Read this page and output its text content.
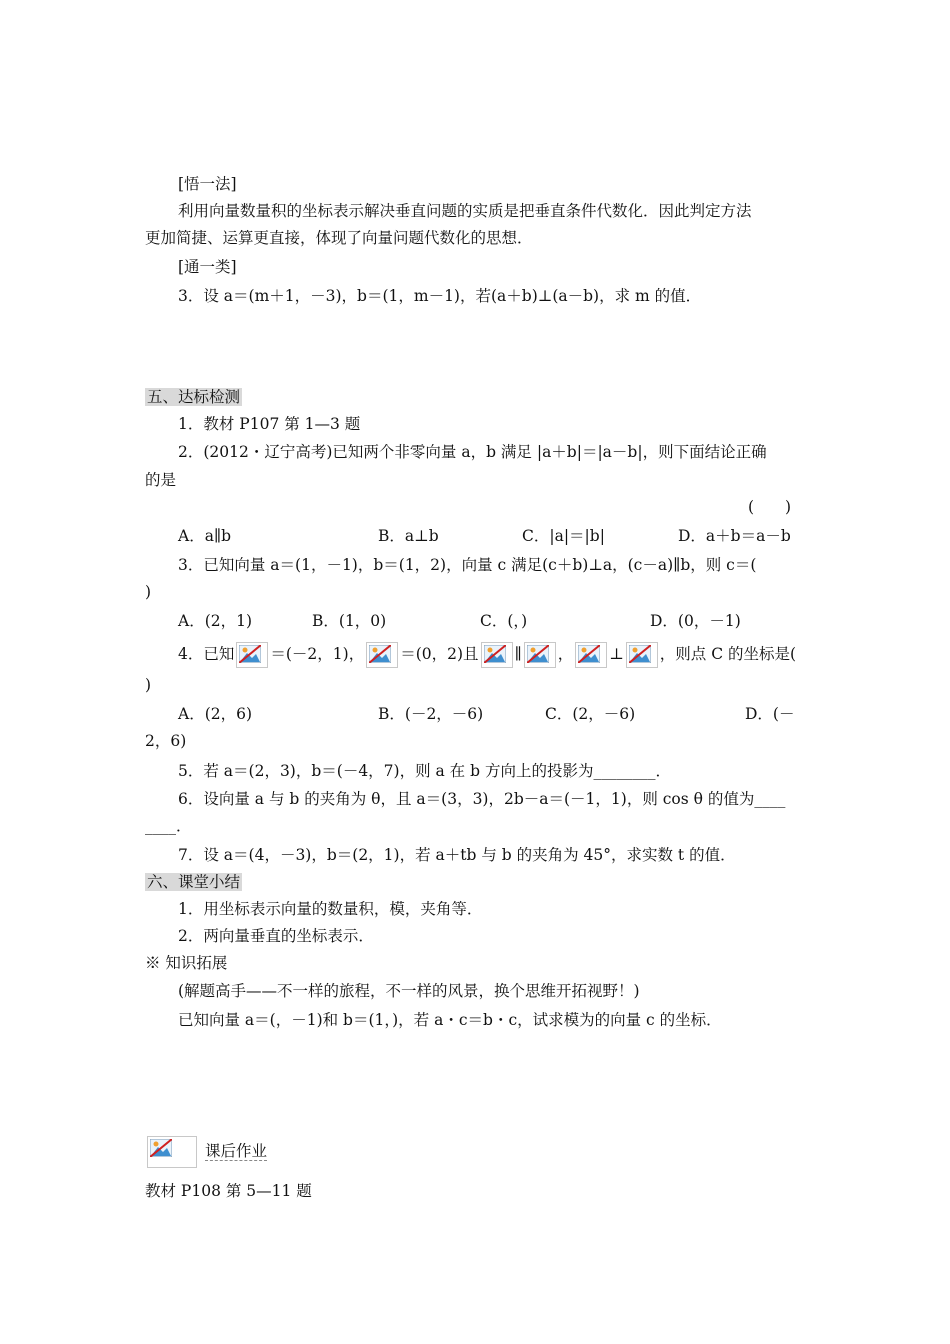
[悟一法]
利用向量数量积的坐标表示解决垂直问题的实质是把垂直条件代数化．因此判定方法
更加简捷、运算更直接，体现了向量问题代数化的思想．
[通一类]
3．设 a＝(m＋1，－3)，b＝(1，m－1)，若(a＋b)⊥(a－b)，求 m 的值．
五、达标检测
1．教材 P107 第 1—3 题
2．(2012・辽宁高考)已知两个非零向量 a，b 满足 |a＋b|＝|a－b|，则下面结论正确
的是
(　　)
A．a∥b	B．a⊥b	C．|a|＝|b|	D．a＋b＝a－b
3．已知向量 a＝(1，－1)，b＝(1，2)，向量 c 满足(c＋b)⊥a，(c－a)∥b，则 c＝(
)
A．(2，1)	B．(1，0)	C．(，)	D．(0，－1)
4．已知 ＝(－2，1)， ＝(0，2)且 ∥ ， ⊥ ，则点 C 的坐标是(
)
A．(2，6)	B．(－2，－6)	C．(2，－6)	D．(－
2，6)
5．若 a＝(2，3)，b＝(－4，7)，则 a 在 b 方向上的投影为________．
6．设向量 a 与 b 的夹角为 θ，且 a＝(3，3)，2b－a＝(－1，1)，则 cos θ 的值为____
____．
7．设 a＝(4，－3)，b＝(2，1)，若 a＋tb 与 b 的夹角为 45°，求实数 t 的值．
六、课堂小结
1．用坐标表示向量的数量积，模，夹角等．
2．两向量垂直的坐标表示．
※ 知识拓展
(解题高手——不一样的旅程，不一样的风景，换个思维开拓视野！)
已知向量 a＝(，－1)和 b＝(1，)，若 a・c＝b・c，试求模为的向量 c 的坐标．
课后作业
教材 P108 第 5—11 题
